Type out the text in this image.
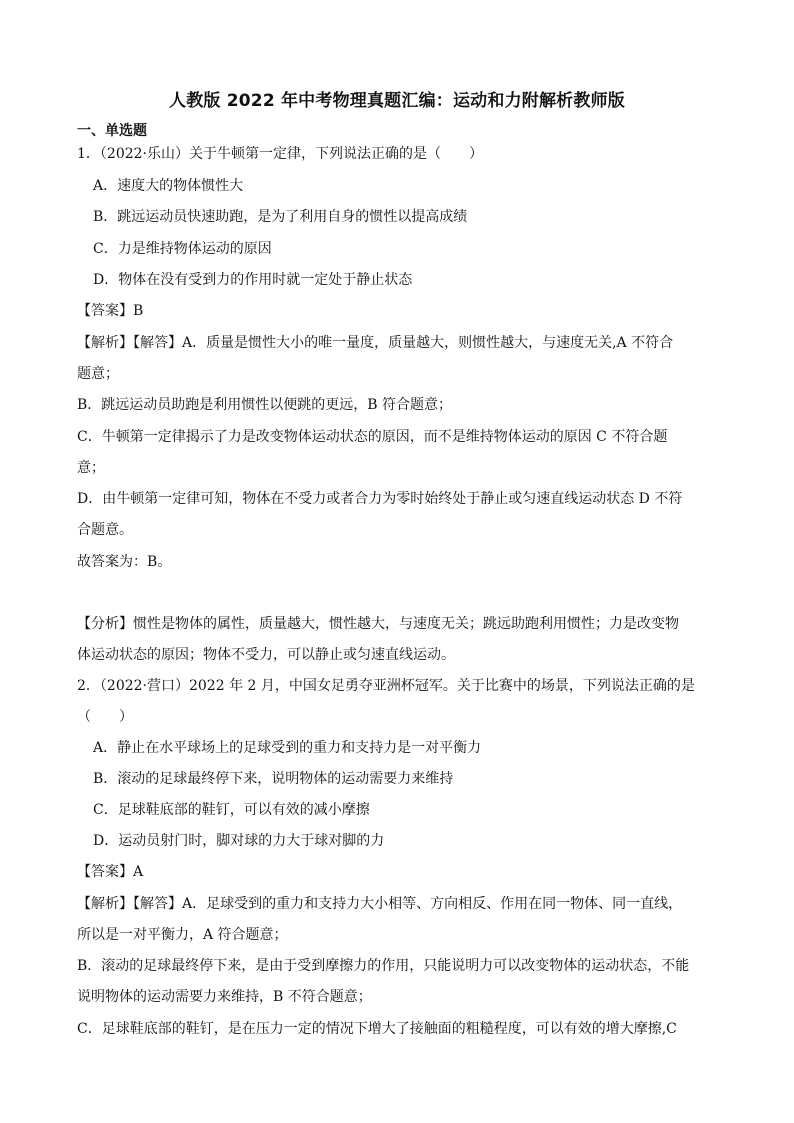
人教版 2022 年中考物理真题汇编：运动和力附解析教师版
一、单选题
1．（2022·乐山）关于牛顿第一定律，下列说法正确的是（　　）
A．速度大的物体惯性大
B．跳远运动员快速助跑，是为了利用自身的惯性以提高成绩
C．力是维持物体运动的原因
D．物体在没有受到力的作用时就一定处于静止状态
【答案】B
【解析】【解答】A．质量是惯性大小的唯一量度，质量越大，则惯性越大，与速度无关,A 不符合
题意；
B．跳远运动员助跑是利用惯性以便跳的更远，B 符合题意；
C．牛顿第一定律揭示了力是改变物体运动状态的原因，而不是维持物体运动的原因 C 不符合题
意；
D．由牛顿第一定律可知，物体在不受力或者合力为零时始终处于静止或匀速直线运动状态 D 不符
合题意。
故答案为：B。
【分析】惯性是物体的属性，质量越大，惯性越大，与速度无关；跳远助跑利用惯性；力是改变物
体运动状态的原因；物体不受力，可以静止或匀速直线运动。
2．（2022·营口）2022 年 2 月，中国女足勇夺亚洲杯冠军。关于比赛中的场景，下列说法正确的是
（　　）
A．静止在水平球场上的足球受到的重力和支持力是一对平衡力
B．滚动的足球最终停下来，说明物体的运动需要力来维持
C．足球鞋底部的鞋钉，可以有效的减小摩擦
D．运动员射门时，脚对球的力大于球对脚的力
【答案】A
【解析】【解答】A．足球受到的重力和支持力大小相等、方向相反、作用在同一物体、同一直线，
所以是一对平衡力，A 符合题意；
B．滚动的足球最终停下来，是由于受到摩擦力的作用，只能说明力可以改变物体的运动状态，不能
说明物体的运动需要力来维持，B 不符合题意；
C．足球鞋底部的鞋钉，是在压力一定的情况下增大了接触面的粗糙程度，可以有效的增大摩擦,C
